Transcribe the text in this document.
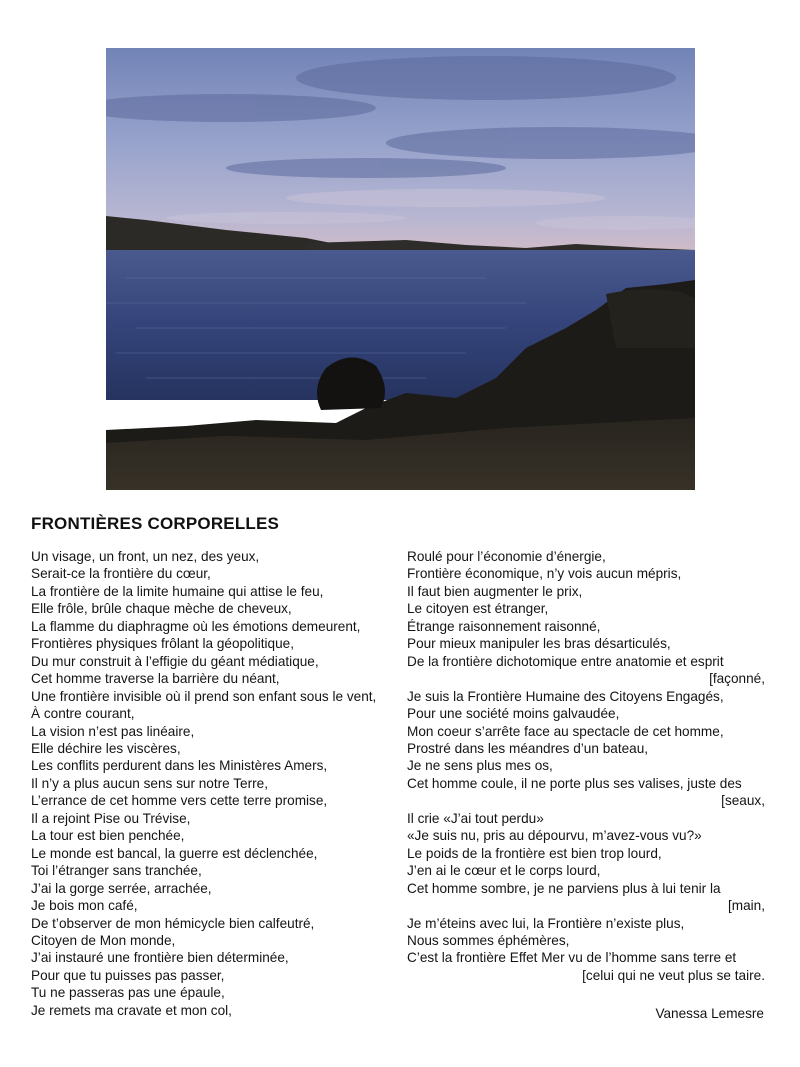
FRONTIÈRES CORPORELLES
Un visage, un front, un nez, des yeux,
Serait-ce la frontière du cœur,
La frontière de la limite humaine qui attise le feu,
Elle frôle, brûle chaque mèche de cheveux,
La flamme du diaphragme où les émotions demeurent,
Frontières physiques frôlant la géopolitique,
Du mur construit à l’effigie du géant médiatique,
Cet homme traverse la barrière du néant,
Une frontière invisible où il prend son enfant sous le vent,
À contre courant,
La vision n’est pas linéaire,
Elle déchire les viscères,
Les conflits perdurent dans les Ministères Amers,
Il n’y a plus aucun sens sur notre Terre,
L’errance de cet homme vers cette terre promise,
Il a rejoint Pise ou Trévise,
La tour est bien penchée,
Le monde est bancal, la guerre est déclenchée,
Toi l’étranger sans tranchée,
J’ai la gorge serrée, arrachée,
Je bois mon café,
De t’observer de mon hémicycle bien calfeutré,
Citoyen de Mon monde,
J’ai instauré une frontière bien déterminée,
Pour que tu puisses pas passer,
Tu ne passeras pas une épaule,
Je remets ma cravate et mon col,
Roulé pour l’économie d’énergie,
Frontière économique, n’y vois aucun mépris,
Il faut bien augmenter le prix,
Le citoyen est étranger,
Étrange raisonnement raisonné,
Pour mieux manipuler les bras désarticulés,
De la frontière dichotomique entre anatomie et esprit
[façonné,
Je suis la Frontière Humaine des Citoyens Engagés,
Pour une société moins galvaudée,
Mon coeur s’arrête face au spectacle de cet homme,
Prostré dans les méandres d’un bateau,
Je ne sens plus mes os,
Cet homme coule, il ne porte plus ses valises, juste des
[seaux,
Il crie «J’ai tout perdu»
«Je suis nu, pris au dépourvu, m’avez-vous vu?»
Le poids de la frontière est bien trop lourd,
J’en ai le cœur et le corps lourd,
Cet homme sombre, je ne parviens plus à lui tenir la
[main,
Je m’éteins avec lui, la Frontière n’existe plus,
Nous sommes éphémères,
C’est la frontière Effet Mer vu de l’homme sans terre et
[celui qui ne veut plus se taire.
Vanessa Lemesre
